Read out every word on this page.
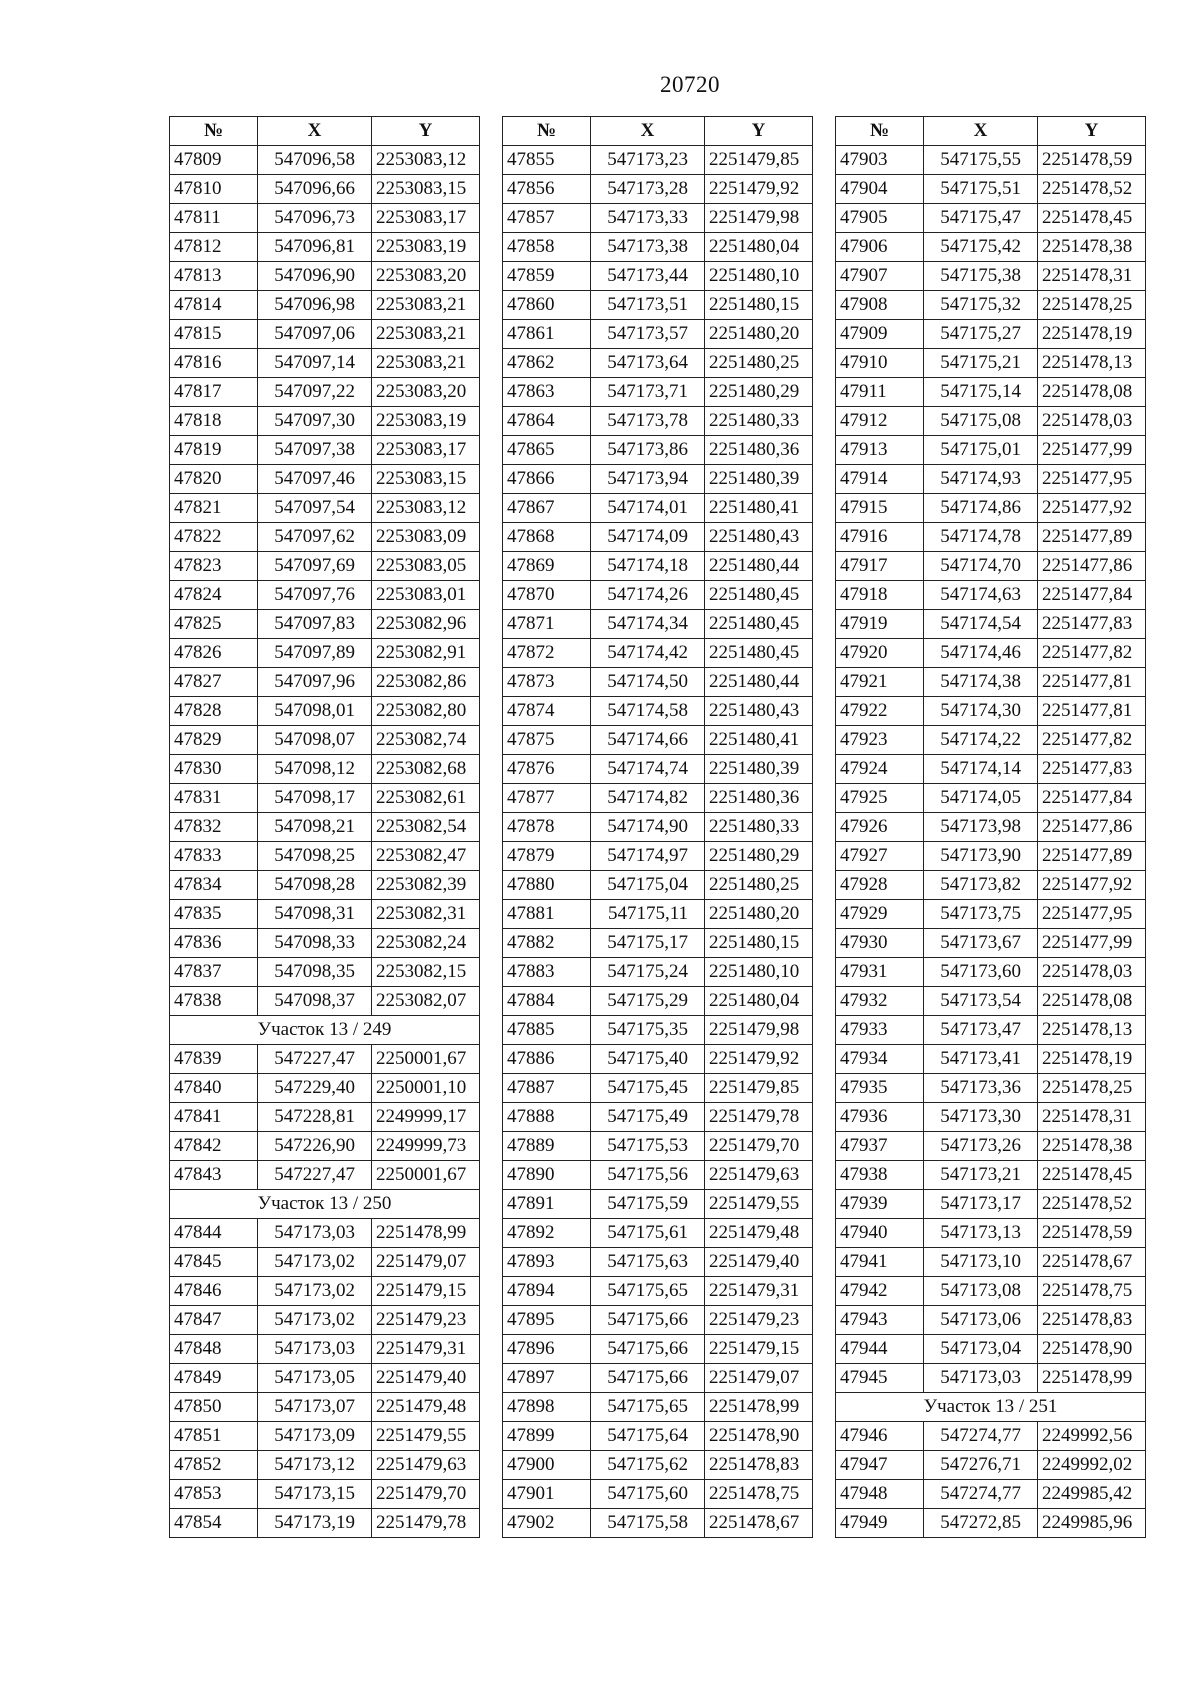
20720
№	X	Y
47809	547096,58	2253083,12
47810	547096,66	2253083,15
47811	547096,73	2253083,17
47812	547096,81	2253083,19
47813	547096,90	2253083,20
47814	547096,98	2253083,21
47815	547097,06	2253083,21
47816	547097,14	2253083,21
47817	547097,22	2253083,20
47818	547097,30	2253083,19
47819	547097,38	2253083,17
47820	547097,46	2253083,15
47821	547097,54	2253083,12
47822	547097,62	2253083,09
47823	547097,69	2253083,05
47824	547097,76	2253083,01
47825	547097,83	2253082,96
47826	547097,89	2253082,91
47827	547097,96	2253082,86
47828	547098,01	2253082,80
47829	547098,07	2253082,74
47830	547098,12	2253082,68
47831	547098,17	2253082,61
47832	547098,21	2253082,54
47833	547098,25	2253082,47
47834	547098,28	2253082,39
47835	547098,31	2253082,31
47836	547098,33	2253082,24
47837	547098,35	2253082,15
47838	547098,37	2253082,07
Участок 13 / 249		
47839	547227,47	2250001,67
47840	547229,40	2250001,10
47841	547228,81	2249999,17
47842	547226,90	2249999,73
47843	547227,47	2250001,67
Участок 13 / 250		
47844	547173,03	2251478,99
47845	547173,02	2251479,07
47846	547173,02	2251479,15
47847	547173,02	2251479,23
47848	547173,03	2251479,31
47849	547173,05	2251479,40
47850	547173,07	2251479,48
47851	547173,09	2251479,55
47852	547173,12	2251479,63
47853	547173,15	2251479,70
47854	547173,19	2251479,78
№	X	Y
47855	547173,23	2251479,85
47856	547173,28	2251479,92
47857	547173,33	2251479,98
47858	547173,38	2251480,04
47859	547173,44	2251480,10
47860	547173,51	2251480,15
47861	547173,57	2251480,20
47862	547173,64	2251480,25
47863	547173,71	2251480,29
47864	547173,78	2251480,33
47865	547173,86	2251480,36
47866	547173,94	2251480,39
47867	547174,01	2251480,41
47868	547174,09	2251480,43
47869	547174,18	2251480,44
47870	547174,26	2251480,45
47871	547174,34	2251480,45
47872	547174,42	2251480,45
47873	547174,50	2251480,44
47874	547174,58	2251480,43
47875	547174,66	2251480,41
47876	547174,74	2251480,39
47877	547174,82	2251480,36
47878	547174,90	2251480,33
47879	547174,97	2251480,29
47880	547175,04	2251480,25
47881	547175,11	2251480,20
47882	547175,17	2251480,15
47883	547175,24	2251480,10
47884	547175,29	2251480,04
47885	547175,35	2251479,98
47886	547175,40	2251479,92
47887	547175,45	2251479,85
47888	547175,49	2251479,78
47889	547175,53	2251479,70
47890	547175,56	2251479,63
47891	547175,59	2251479,55
47892	547175,61	2251479,48
47893	547175,63	2251479,40
47894	547175,65	2251479,31
47895	547175,66	2251479,23
47896	547175,66	2251479,15
47897	547175,66	2251479,07
47898	547175,65	2251478,99
47899	547175,64	2251478,90
47900	547175,62	2251478,83
47901	547175,60	2251478,75
47902	547175,58	2251478,67
№	X	Y
47903	547175,55	2251478,59
47904	547175,51	2251478,52
47905	547175,47	2251478,45
47906	547175,42	2251478,38
47907	547175,38	2251478,31
47908	547175,32	2251478,25
47909	547175,27	2251478,19
47910	547175,21	2251478,13
47911	547175,14	2251478,08
47912	547175,08	2251478,03
47913	547175,01	2251477,99
47914	547174,93	2251477,95
47915	547174,86	2251477,92
47916	547174,78	2251477,89
47917	547174,70	2251477,86
47918	547174,63	2251477,84
47919	547174,54	2251477,83
47920	547174,46	2251477,82
47921	547174,38	2251477,81
47922	547174,30	2251477,81
47923	547174,22	2251477,82
47924	547174,14	2251477,83
47925	547174,05	2251477,84
47926	547173,98	2251477,86
47927	547173,90	2251477,89
47928	547173,82	2251477,92
47929	547173,75	2251477,95
47930	547173,67	2251477,99
47931	547173,60	2251478,03
47932	547173,54	2251478,08
47933	547173,47	2251478,13
47934	547173,41	2251478,19
47935	547173,36	2251478,25
47936	547173,30	2251478,31
47937	547173,26	2251478,38
47938	547173,21	2251478,45
47939	547173,17	2251478,52
47940	547173,13	2251478,59
47941	547173,10	2251478,67
47942	547173,08	2251478,75
47943	547173,06	2251478,83
47944	547173,04	2251478,90
47945	547173,03	2251478,99
Участок 13 / 251		
47946	547274,77	2249992,56
47947	547276,71	2249992,02
47948	547274,77	2249985,42
47949	547272,85	2249985,96
